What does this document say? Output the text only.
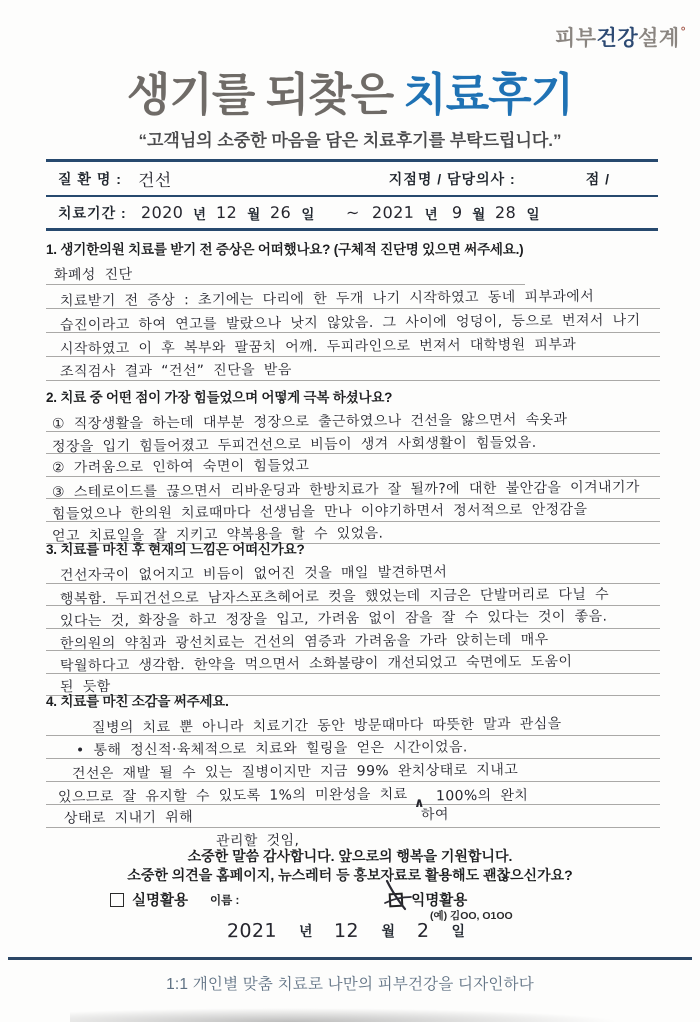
피부건강설계°
생기를 되찾은 치료후기
“고객님의 소중한 마음을 담은 치료후기를 부탁드립니다.”
질 환 명 : 건선	지점명 / 담당의사 :	점 /
치료기간 : 2020 년 12 월 26 일 ~ 2021 년 9 월 28 일
1. 생기한의원 치료를 받기 전 증상은 어떠했나요? (구체적 진단명 있으면 써주세요.)
화폐성 진단
치료받기 전 증상 : 초기에는 다리에 한 두개 나기 시작하였고 동네 피부과에서
습진이라고 하여 연고를 발랐으나 낫지 않았음. 그 사이에 엉덩이, 등으로 번져서 나기
시작하였고 이 후 복부와 팔꿈치 어깨. 두피라인으로 번져서 대학병원 피부과
조직검사 결과 “건선” 진단을 받음
2. 치료 중 어떤 점이 가장 힘들었으며 어떻게 극복 하셨나요?
① 직장생활을 하는데 대부분 정장으로 출근하였으나 건선을 앓으면서 속옷과
정장을 입기 힘들어졌고 두피건선으로 비듬이 생겨 사회생활이 힘들었음.
② 가려움으로 인하여 숙면이 힘들었고
③ 스테로이드를 끊으면서 리바운딩과 한방치료가 잘 될까?에 대한 불안감을 이겨내기가
힘들었으나 한의원 치료때마다 선생님을 만나 이야기하면서 정서적으로 안정감을
얻고 치료일을 잘 지키고 약복용을 할 수 있었음.
3. 치료를 마친 후 현재의 느낌은 어떠신가요?
건선자국이 없어지고 비듬이 없어진 것을 매일 발견하면서
행복함. 두피건선으로 남자스포츠헤어로 컷을 했었는데 지금은 단발머리로 다닐 수
있다는 것, 화장을 하고 정장을 입고, 가려움 없이 잠을 잘 수 있다는 것이 좋음.
한의원의 약침과 광선치료는 건선의 염증과 가려움을 가라 앉히는데 매우
탁월하다고 생각함. 한약을 먹으면서 소화불량이 개선되었고 숙면에도 도움이
된 듯함
4. 치료를 마친 소감을 써주세요.
질병의 치료 뿐 아니라 치료기간 동안 방문때마다 따뜻한 말과 관심을
• 통해 정신적·육체적으로 치료와 힐링을 얻은 시간이었음.
건선은 재발 될 수 있는 질병이지만 지금 99% 완치상태로 지내고
있으므로 잘 유지할 수 있도록 1%의 미완성을 치료 ∧
하여
100%의 완치
상태로 지내기 위해
관리할 것임,
소중한 말씀 감사합니다. 앞으로의 행복을 기원합니다.
소중한 의견을 홈페이지, 뉴스레터 등 홍보자료로 활용해도 괜찮으신가요?
실명활용 이름 :	익명활용
(예) 김OO, O1OO
2021 년 12 월 2 일
1:1 개인별 맞춤 치료로 나만의 피부건강을 디자인하다
